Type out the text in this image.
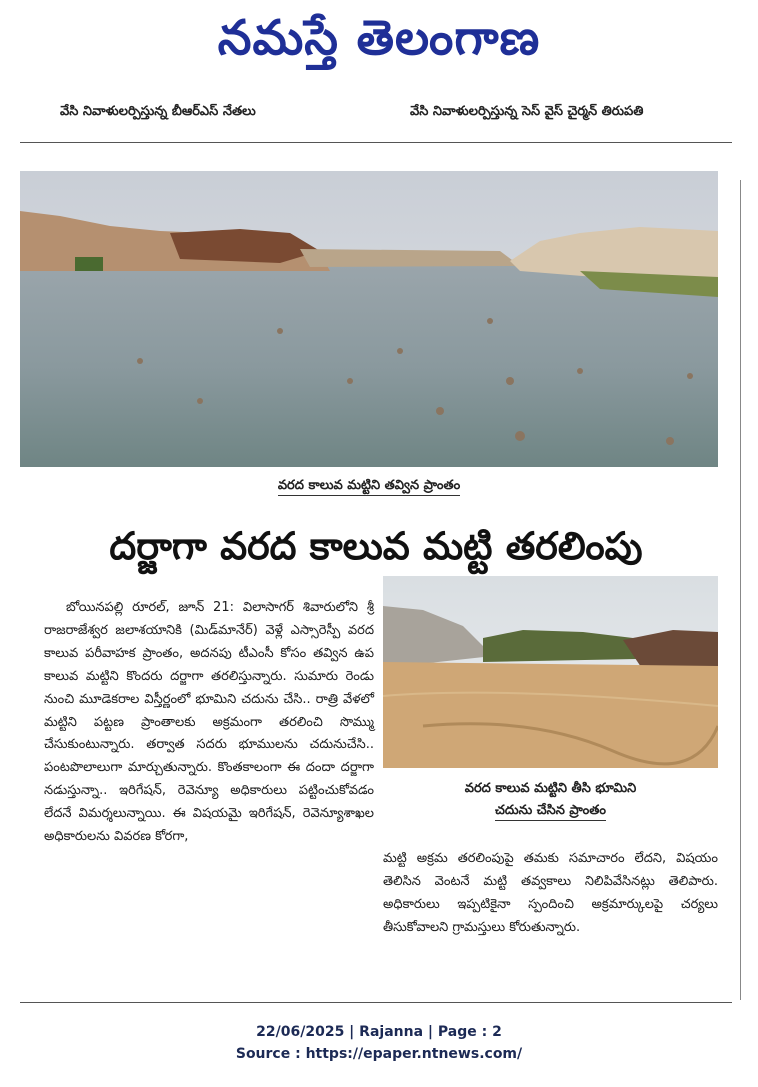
నమస్తే తెలంగాణ
వేసి నివాళులర్పిస్తున్న బీఆర్ఎస్ నేతలు	వేసి నివాళులర్పిస్తున్న సెస్ వైస్ చైర్మన్ తిరుపతి
వరద కాలువ మట్టిని తవ్విన ప్రాంతం
దర్జాగా వరద కాలువ మట్టి తరలింపు
వరద కాలువ మట్టిని తీసి భూమిని
చదును చేసిన ప్రాంతం

బోయినపల్లి రూరల్, జూన్ 21: విలాసాగర్ శివారులోని శ్రీ రాజరాజేశ్వర జలాశయానికి (మిడ్‌మానేర్) వెళ్లే ఎస్సారెస్పీ వరద కాలువ పరీవాహక ప్రాంతం, అదనపు టీఎంసీ కోసం తవ్విన ఉప కాలువ మట్టిని కొందరు దర్జాగా తరలిస్తున్నారు. సుమారు రెండు నుంచి మూడెకరాల విస్తీర్ణంలో భూమిని చదును చేసి.. రాత్రి వేళలో మట్టిని పట్టణ ప్రాంతాలకు అక్రమంగా తరలించి సొమ్ము చేసుకుంటున్నారు. తర్వాత సదరు భూములను చదునుచేసి.. పంటపొలాలుగా మార్చుతున్నారు. కొంతకాలంగా ఈ దందా దర్జాగా నడుస్తున్నా.. ఇరిగేషన్, రెవెన్యూ అధికారులు పట్టించుకోవడం లేదనే విమర్శలున్నాయి. ఈ విషయమై ఇరిగేషన్, రెవెన్యూశాఖల అధికారులను వివరణ కోరగా,

మట్టి అక్రమ తరలింపుపై తమకు సమాచారం లేదని, విషయం తెలిసిన వెంటనే మట్టి తవ్వకాలు నిలిపివేసినట్లు తెలిపారు. అధికారులు ఇప్పటికైనా స్పందించి అక్రమార్కులపై చర్యలు తీసుకోవాలని గ్రామస్తులు కోరుతున్నారు.

22/06/2025 | Rajanna | Page : 2
Source : https://epaper.ntnews.com/
